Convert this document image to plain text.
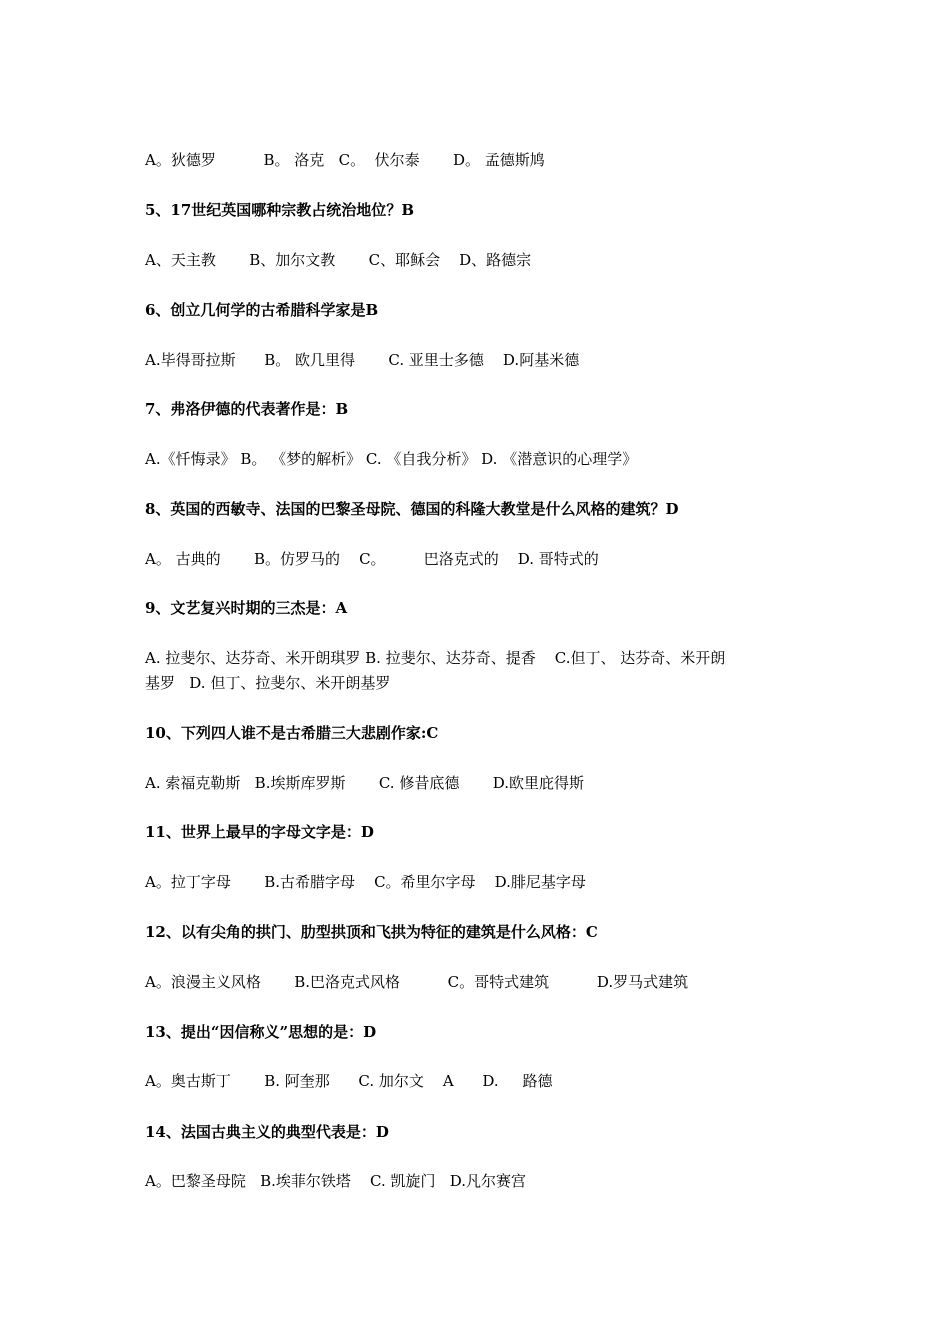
A。狄德罗          B。 洛克   C。  伏尔泰       D。 孟德斯鸠
5、17世纪英国哪种宗教占统治地位？B
A、天主教       B、加尔文教       C、耶稣会    D、路德宗
6、创立几何学的古希腊科学家是B
A.毕得哥拉斯      B。 欧几里得       C. 亚里士多德    D.阿基米德
7、弗洛伊德的代表著作是：B
A.《忏悔录》 B。 《梦的解析》 C. 《自我分析》 D. 《潜意识的心理学》
8、英国的西敏寺、法国的巴黎圣母院、德国的科隆大教堂是什么风格的建筑？D
A。 古典的       B。仿罗马的    C。        巴洛克式的    D. 哥特式的
9、文艺复兴时期的三杰是：A
A. 拉斐尔、达芬奇、米开朗琪罗 B. 拉斐尔、达芬奇、提香    C.但丁、 达芬奇、米开朗
基罗   D. 但丁、拉斐尔、米开朗基罗
10、下列四人谁不是古希腊三大悲剧作家:C
A. 索福克勒斯   B.埃斯库罗斯       C. 修昔底德       D.欧里庇得斯
11、世界上最早的字母文字是：D
A。拉丁字母       B.古希腊字母    C。希里尔字母    D.腓尼基字母
12、以有尖角的拱门、肋型拱顶和飞拱为特征的建筑是什么风格：C
A。浪漫主义风格       B.巴洛克式风格          C。哥特式建筑          D.罗马式建筑
13、提出“因信称义”思想的是：D
A。奥古斯丁       B. 阿奎那      C. 加尔文    A      D.     路德
14、法国古典主义的典型代表是：D
A。巴黎圣母院   B.埃菲尔铁塔    C. 凯旋门   D.凡尔赛宫
